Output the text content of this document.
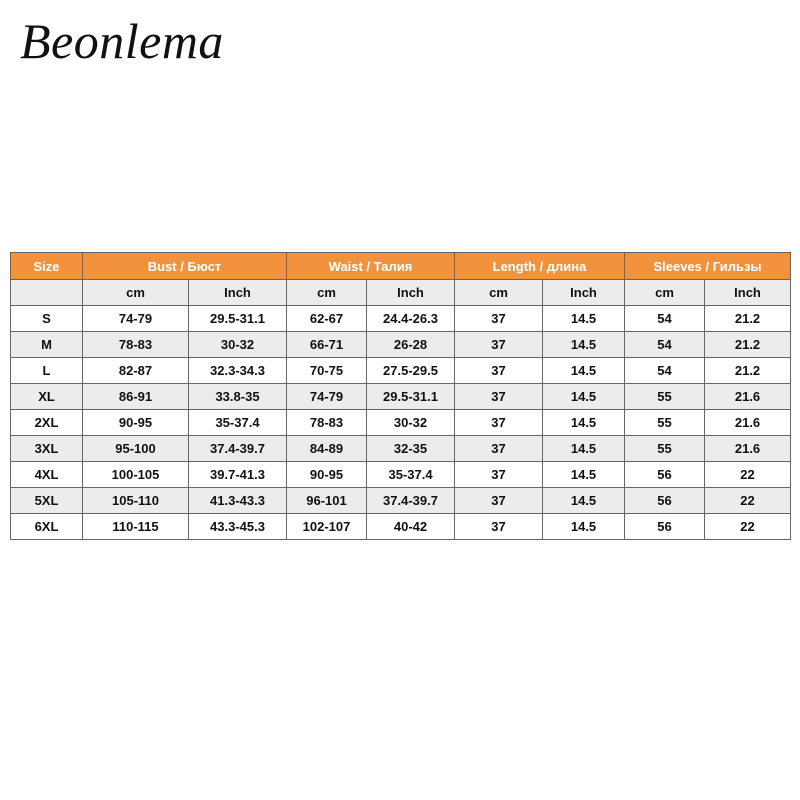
Beonlema
Size	Bust / Бюст		Waist / Талия		Length / длина		Sleeves / Гильзы	
	cm	Inch	cm	Inch	cm	Inch	cm	Inch
S	74-79	29.5-31.1	62-67	24.4-26.3	37	14.5	54	21.2
M	78-83	30-32	66-71	26-28	37	14.5	54	21.2
L	82-87	32.3-34.3	70-75	27.5-29.5	37	14.5	54	21.2
XL	86-91	33.8-35	74-79	29.5-31.1	37	14.5	55	21.6
2XL	90-95	35-37.4	78-83	30-32	37	14.5	55	21.6
3XL	95-100	37.4-39.7	84-89	32-35	37	14.5	55	21.6
4XL	100-105	39.7-41.3	90-95	35-37.4	37	14.5	56	22
5XL	105-110	41.3-43.3	96-101	37.4-39.7	37	14.5	56	22
6XL	110-115	43.3-45.3	102-107	40-42	37	14.5	56	22
